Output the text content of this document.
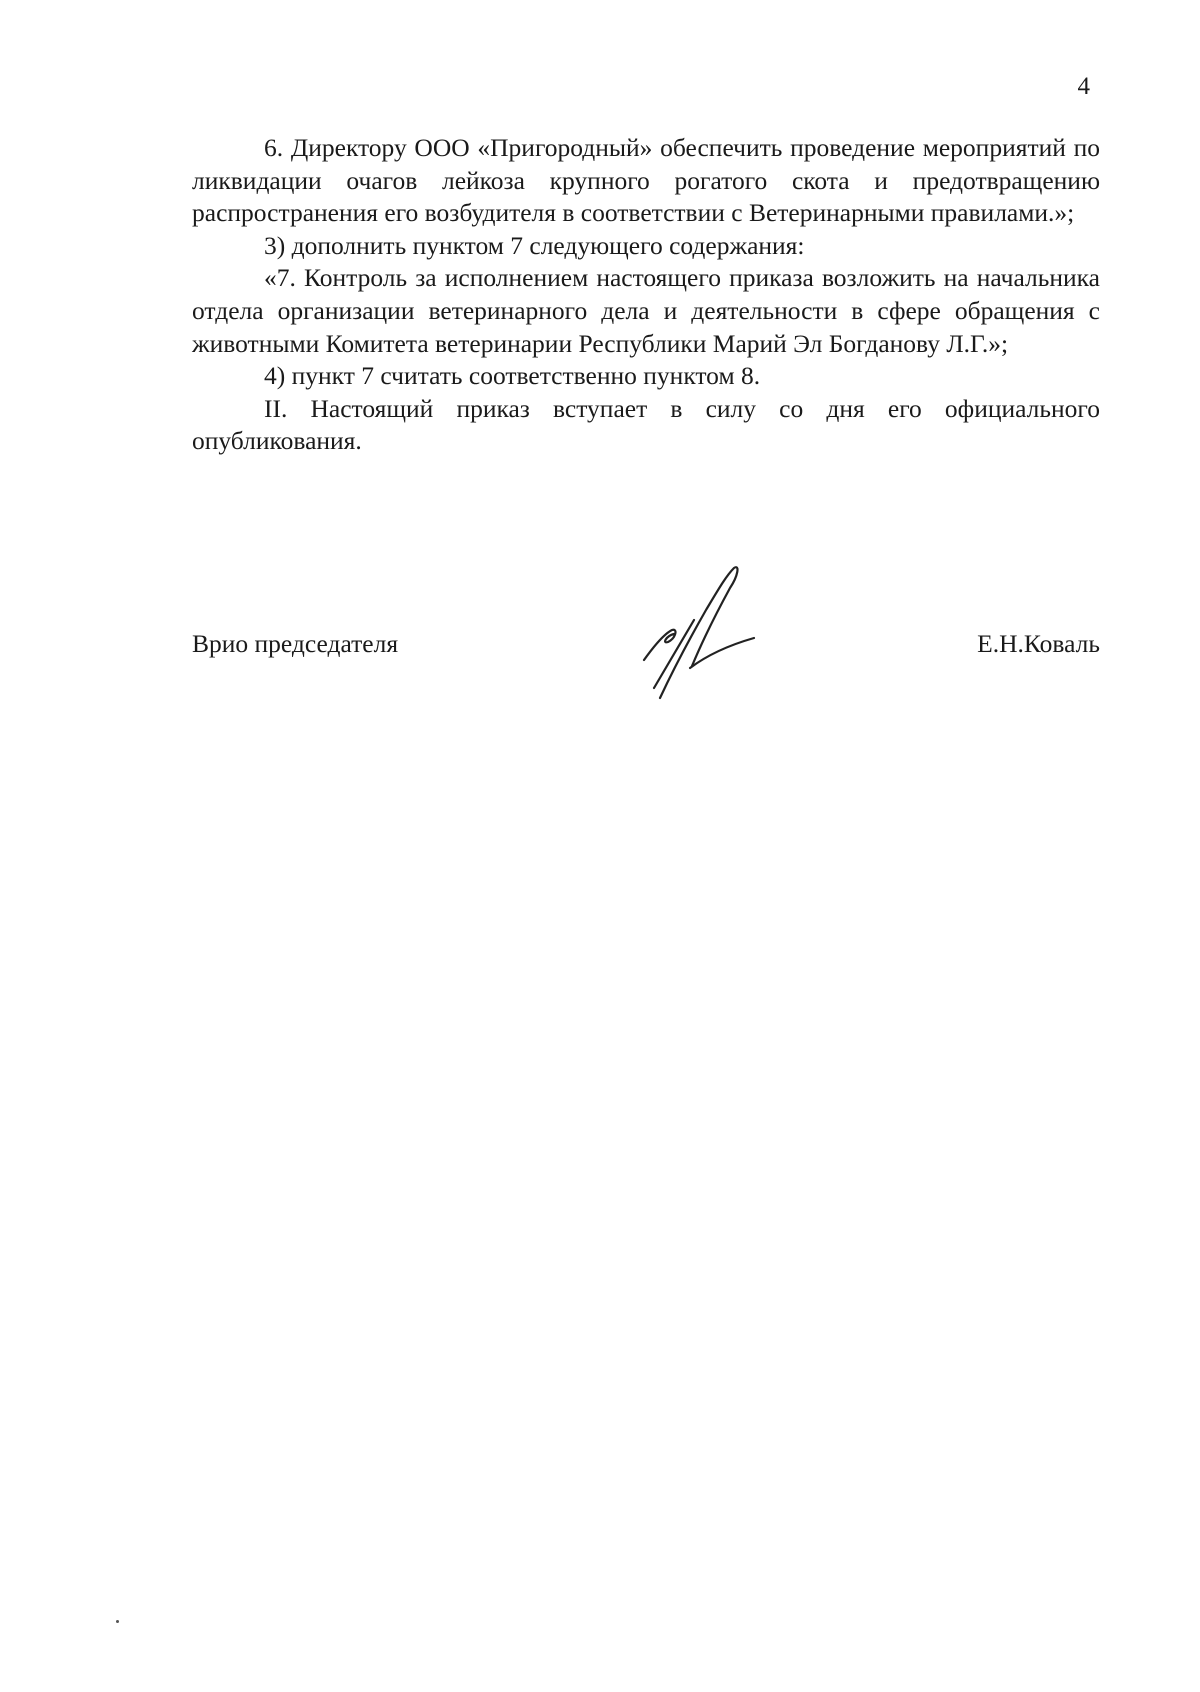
4

6. Директору ООО «Пригородный» обеспечить проведение мероприятий по ликвидации очагов лейкоза крупного рогатого скота и предотвращению распространения его возбудителя в соответствии с Ветеринарными правилами.»;

3) дополнить пунктом 7 следующего содержания:

«7. Контроль за исполнением настоящего приказа возложить на начальника отдела организации ветеринарного дела и деятельности в сфере обращения с животными Комитета ветеринарии Республики Марий Эл Богданову Л.Г.»;

4) пункт 7 считать соответственно пунктом 8.

II. Настоящий приказ вступает в силу со дня его официального опубликования.

Врио председателя	Е.Н.Коваль
